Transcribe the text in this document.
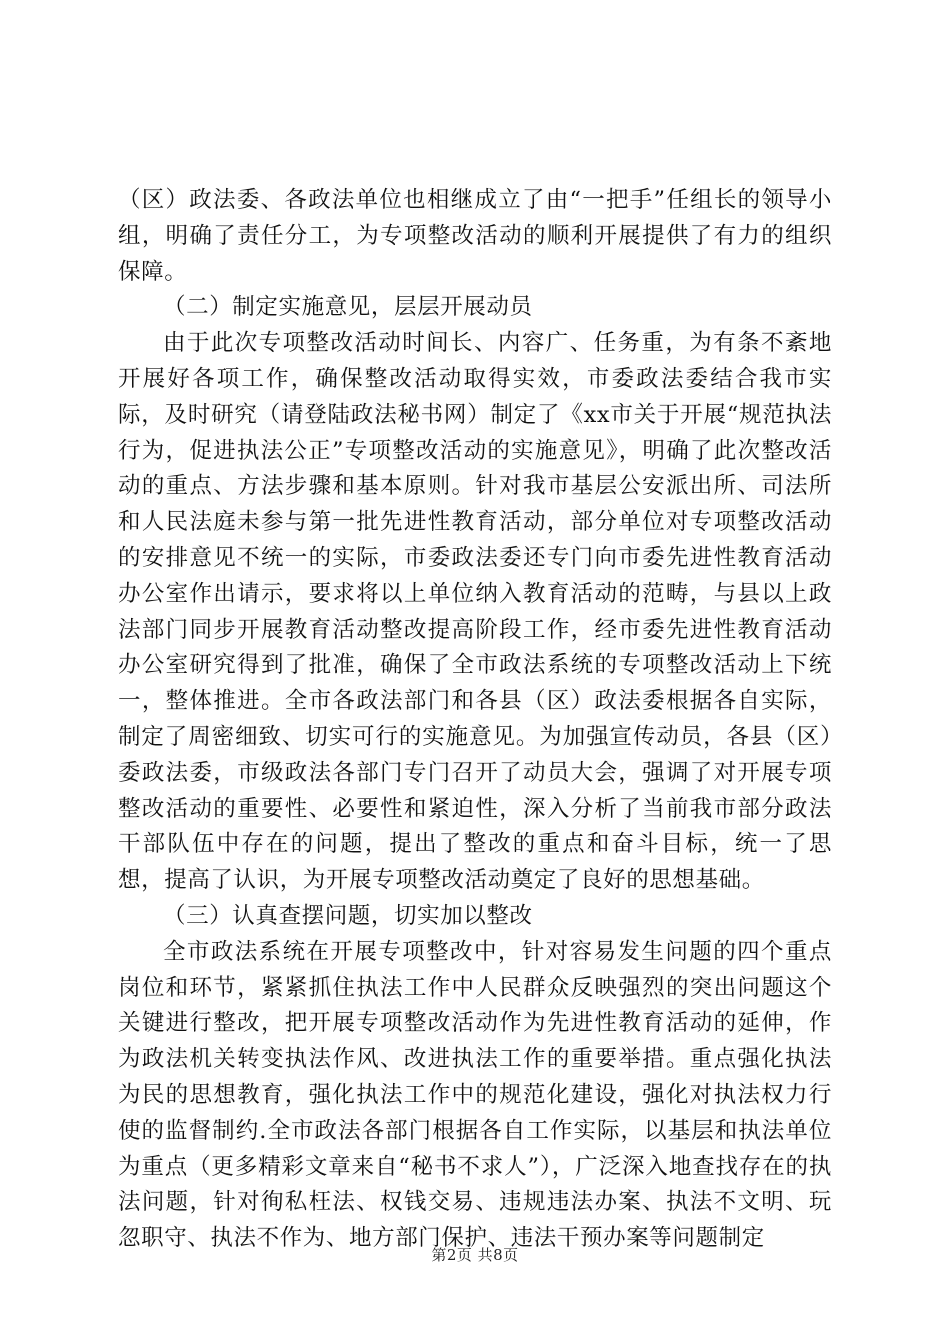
（区）政法委、各政法单位也相继成立了由“一把手”任组长的领导小组，明确了责任分工，为专项整改活动的顺利开展提供了有力的组织保障。

（二）制定实施意见，层层开展动员

由于此次专项整改活动时间长、内容广、任务重，为有条不紊地开展好各项工作，确保整改活动取得实效，市委政法委结合我市实际，及时研究（请登陆政法秘书网）制定了《xx市关于开展“规范执法行为，促进执法公正”专项整改活动的实施意见》，明确了此次整改活动的重点、方法步骤和基本原则。针对我市基层公安派出所、司法所和人民法庭未参与第一批先进性教育活动，部分单位对专项整改活动的安排意见不统一的实际，市委政法委还专门向市委先进性教育活动办公室作出请示，要求将以上单位纳入教育活动的范畴，与县以上政法部门同步开展教育活动整改提高阶段工作，经市委先进性教育活动办公室研究得到了批准，确保了全市政法系统的专项整改活动上下统一，整体推进。全市各政法部门和各县（区）政法委根据各自实际，制定了周密细致、切实可行的实施意见。为加强宣传动员，各县（区）委政法委，市级政法各部门专门召开了动员大会，强调了对开展专项整改活动的重要性、必要性和紧迫性，深入分析了当前我市部分政法干部队伍中存在的问题，提出了整改的重点和奋斗目标，统一了思想，提高了认识，为开展专项整改活动奠定了良好的思想基础。

（三）认真查摆问题，切实加以整改

全市政法系统在开展专项整改中，针对容易发生问题的四个重点岗位和环节，紧紧抓住执法工作中人民群众反映强烈的突出问题这个关键进行整改，把开展专项整改活动作为先进性教育活动的延伸，作为政法机关转变执法作风、改进执法工作的重要举措。重点强化执法为民的思想教育，强化执法工作中的规范化建设，强化对执法权力行使的监督制约.全市政法各部门根据各自工作实际，以基层和执法单位为重点（更多精彩文章来自“秘书不求人”），广泛深入地查找存在的执法问题，针对徇私枉法、权钱交易、违规违法办案、执法不文明、玩忽职守、执法不作为、地方部门保护、违法干预办案等问题制定

第2页 共8页
